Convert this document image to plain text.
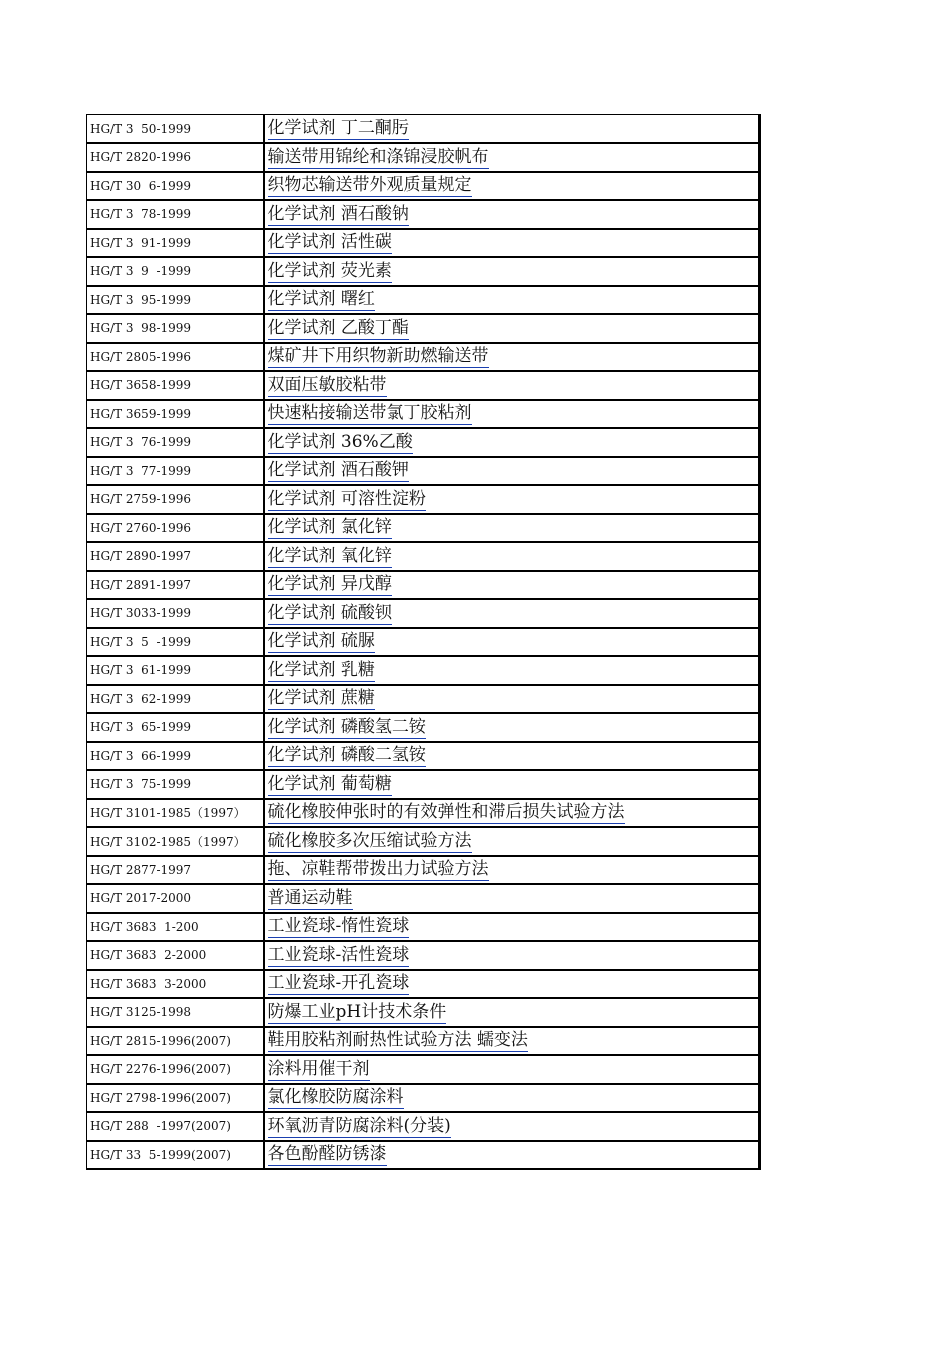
HG/T 3  50-1999	化学试剂 丁二酮肟
HG/T 2820-1996	输送带用锦纶和涤锦浸胶帆布
HG/T 30  6-1999	织物芯输送带外观质量规定
HG/T 3  78-1999	化学试剂 酒石酸钠
HG/T 3  91-1999	化学试剂 活性碳
HG/T 3  9  -1999	化学试剂 荧光素
HG/T 3  95-1999	化学试剂 曙红
HG/T 3  98-1999	化学试剂 乙酸丁酯
HG/T 2805-1996	煤矿井下用织物新助燃输送带
HG/T 3658-1999	双面压敏胶粘带
HG/T 3659-1999	快速粘接输送带氯丁胶粘剂
HG/T 3  76-1999	化学试剂 36%乙酸
HG/T 3  77-1999	化学试剂 酒石酸钾
HG/T 2759-1996	化学试剂 可溶性淀粉
HG/T 2760-1996	化学试剂 氯化锌
HG/T 2890-1997	化学试剂 氧化锌
HG/T 2891-1997	化学试剂 异戊醇
HG/T 3033-1999	化学试剂 硫酸钡
HG/T 3  5  -1999	化学试剂 硫脲
HG/T 3  61-1999	化学试剂 乳糖
HG/T 3  62-1999	化学试剂 蔗糖
HG/T 3  65-1999	化学试剂 磷酸氢二铵
HG/T 3  66-1999	化学试剂 磷酸二氢铵
HG/T 3  75-1999	化学试剂 葡萄糖
HG/T 3101-1985（1997）	硫化橡胶伸张时的有效弹性和滞后损失试验方法
HG/T 3102-1985（1997）	硫化橡胶多次压缩试验方法
HG/T 2877-1997	拖、凉鞋帮带拨出力试验方法
HG/T 2017-2000	普通运动鞋
HG/T 3683  1-200	工业瓷球-惰性瓷球
HG/T 3683  2-2000	工业瓷球-活性瓷球
HG/T 3683  3-2000	工业瓷球-开孔瓷球
HG/T 3125-1998	防爆工业pH计技术条件
HG/T 2815-1996(2007)	鞋用胶粘剂耐热性试验方法 蠕变法
HG/T 2276-1996(2007)	涂料用催干剂
HG/T 2798-1996(2007)	氯化橡胶防腐涂料
HG/T 288  -1997(2007)	环氧沥青防腐涂料(分装)
HG/T 33  5-1999(2007)	各色酚醛防锈漆
